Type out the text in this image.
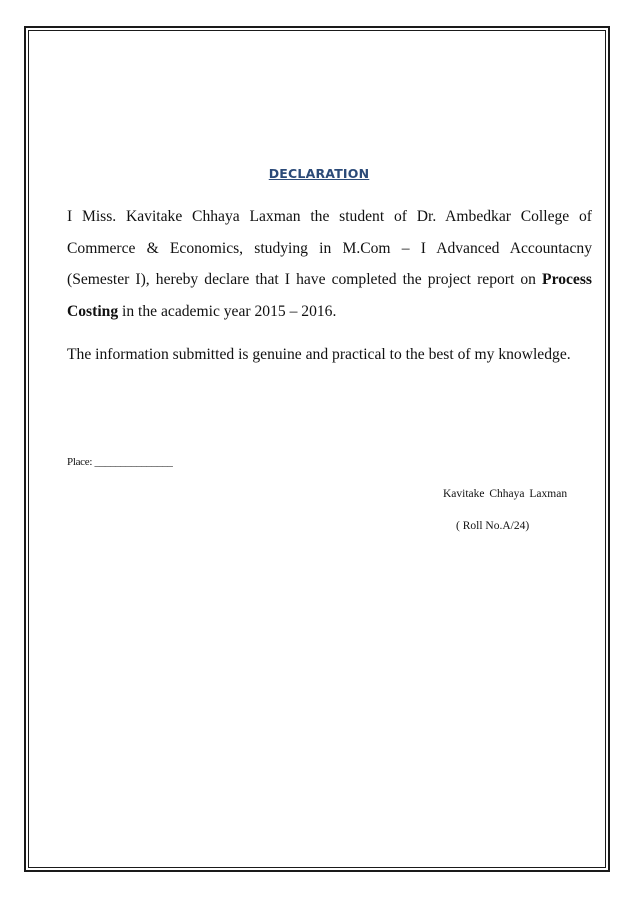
DECLARATION

I Miss. Kavitake Chhaya Laxman the student of Dr. Ambedkar College of Commerce & Economics, studying in M.Com – I Advanced Accountacny (Semester I), hereby declare that I have completed the project report on Process Costing in the academic year 2015 – 2016.

The information submitted is genuine and practical to the best of my knowledge.

Place: _______________
Kavitake Chhaya Laxman
( Roll No.A/24)
